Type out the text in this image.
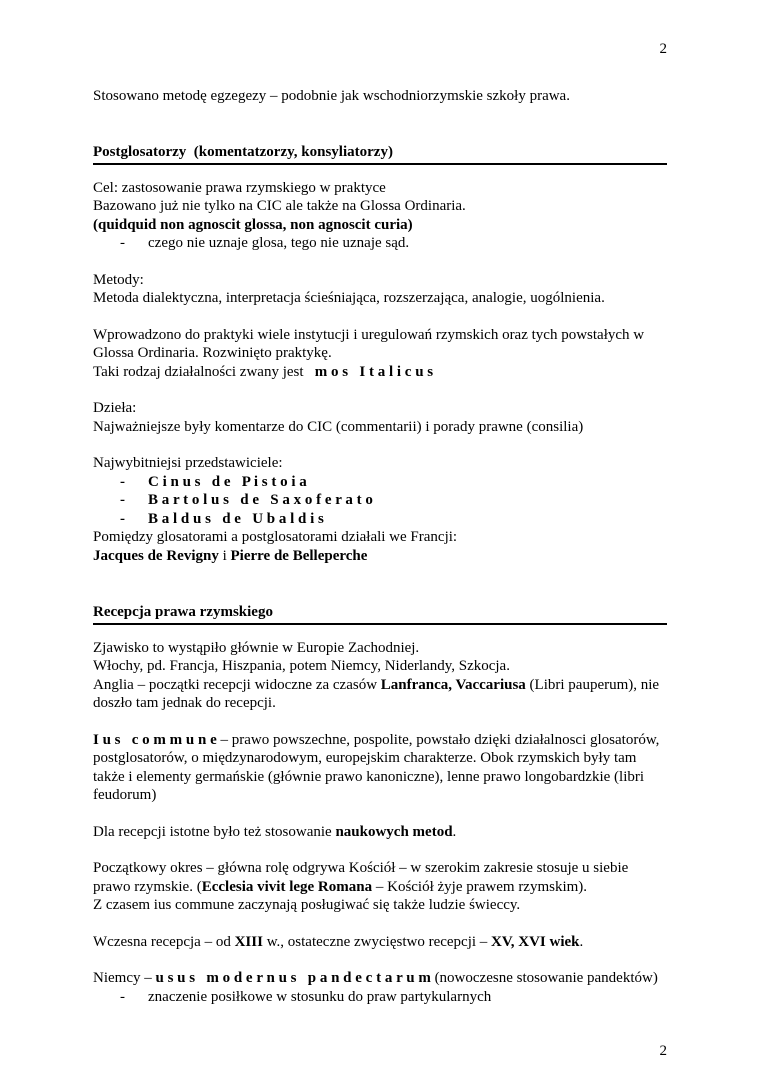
2
Stosowano metodę egzegezy – podobnie jak wschodniorzymskie szkoły prawa.
Postglosatorzy  (komentatzorzy, konsyliatorzy)
Cel: zastosowanie prawa rzymskiego w praktyce
Bazowano już nie tylko na CIC ale także na Glossa Ordinaria.
(quidquid non agnoscit glossa, non agnoscit curia)
- czego nie uznaje glosa, tego nie uznaje sąd.
Metody:
Metoda dialektyczna, interpretacja ścieśniająca, rozszerzająca, analogie, uogólnienia.
Wprowadzono do praktyki wiele instytucji i uregulowań rzymskich oraz tych powstałych w Glossa Ordinaria. Rozwinięto praktykę.
Taki rodzaj działalności zwany jest   m o s   I t a l i c u s
Dzieła:
Najważniejsze były komentarze do CIC (commentarii) i porady prawne (consilia)
Najwybitniejsi przedstawiciele:
- C i n u s   d e   P i s t o i a
- B a r t o l u s   d e   S a x o f e r a t o
- B a l d u s   d e   U b a l d i s
Pomiędzy glosatorami a postglosatorami działali we Francji:
Jacques de Revigny i Pierre de Belleperche
Recepcja prawa rzymskiego
Zjawisko to wystąpiło głównie w Europie Zachodniej.
Włochy, pd. Francja, Hiszpania, potem Niemcy, Niderlandy, Szkocja.
Anglia – początki recepcji widoczne za czasów Lanfranca, Vaccariusa (Libri pauperum), nie doszło tam jednak do recepcji.
I u s   c o m m u n e – prawo powszechne, pospolite, powstało dzięki działalnosci glosatorów, postglosatorów, o międzynarodowym, europejskim charakterze. Obok rzymskich były tam także i elementy germańskie (głównie prawo kanoniczne), lenne prawo longobardzkie (libri feudorum)
Dla recepcji istotne było też stosowanie naukowych metod.
Początkowy okres – główna rolę odgrywa Kościół – w szerokim zakresie stosuje u siebie prawo rzymskie. (Ecclesia vivit lege Romana – Kościół żyje prawem rzymskim).
Z czasem ius commune zaczynają posługiwać się także ludzie świeccy.
Wczesna recepcja – od XIII w., ostateczne zwycięstwo recepcji – XV, XVI wiek.
Niemcy – u s u s   m o d e r n u s   p a n d e c t a r u m (nowoczesne stosowanie pandektów)
- znaczenie posiłkowe w stosunku do praw partykularnych
2
